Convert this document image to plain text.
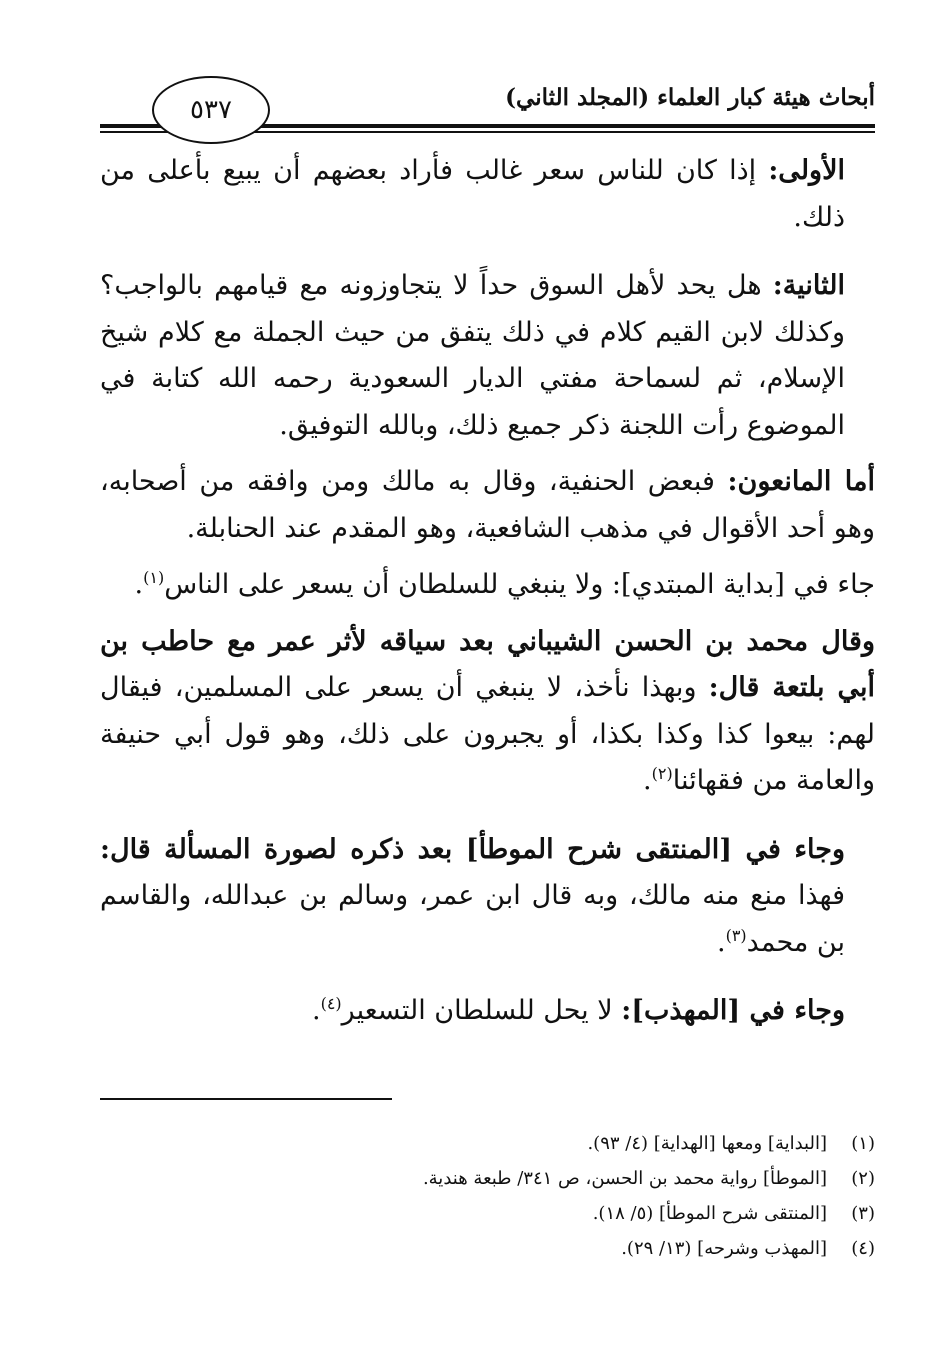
أبحاث هيئة كبار العلماء (المجلد الثاني)
٥٣٧

الأولى: إذا كان للناس سعر غالب فأراد بعضهم أن يبيع بأعلى من ذلك.

الثانية: هل يحد لأهل السوق حداً لا يتجاوزونه مع قيامهم بالواجب؟ وكذلك لابن القيم كلام في ذلك يتفق من حيث الجملة مع كلام شيخ الإسلام، ثم لسماحة مفتي الديار السعودية رحمه الله كتابة في الموضوع رأت اللجنة ذكر جميع ذلك، وبالله التوفيق.

أما المانعون: فبعض الحنفية، وقال به مالك ومن وافقه من أصحابه، وهو أحد الأقوال في مذهب الشافعية، وهو المقدم عند الحنابلة.

جاء في [بداية المبتدي]: ولا ينبغي للسلطان أن يسعر على الناس$^{(١)}$.

وقال محمد بن الحسن الشيباني بعد سياقه لأثر عمر مع حاطب بن أبي بلتعة قال: وبهذا نأخذ، لا ينبغي أن يسعر على المسلمين، فيقال لهم: بيعوا كذا وكذا بكذا، أو يجبرون على ذلك، وهو قول أبي حنيفة والعامة من فقهائنا$^{(٢)}$.

وجاء في [المنتقى شرح الموطأ] بعد ذكره لصورة المسألة قال: فهذا منع منه مالك، وبه قال ابن عمر، وسالم بن عبدالله، والقاسم بن محمد$^{(٣)}$.

وجاء في [المهذب]: لا يحل للسلطان التسعير$^{(٤)}$.

(١)
[البداية] ومعها [الهداية] (٤/ ٩٣).
(٢)
[الموطأ] رواية محمد بن الحسن، ص ٣٤١/ طبعة هندية.
(٣)
[المنتقى شرح الموطأ] (٥/ ١٨).
(٤)
[المهذب وشرحه] (١٣/ ٢٩).
